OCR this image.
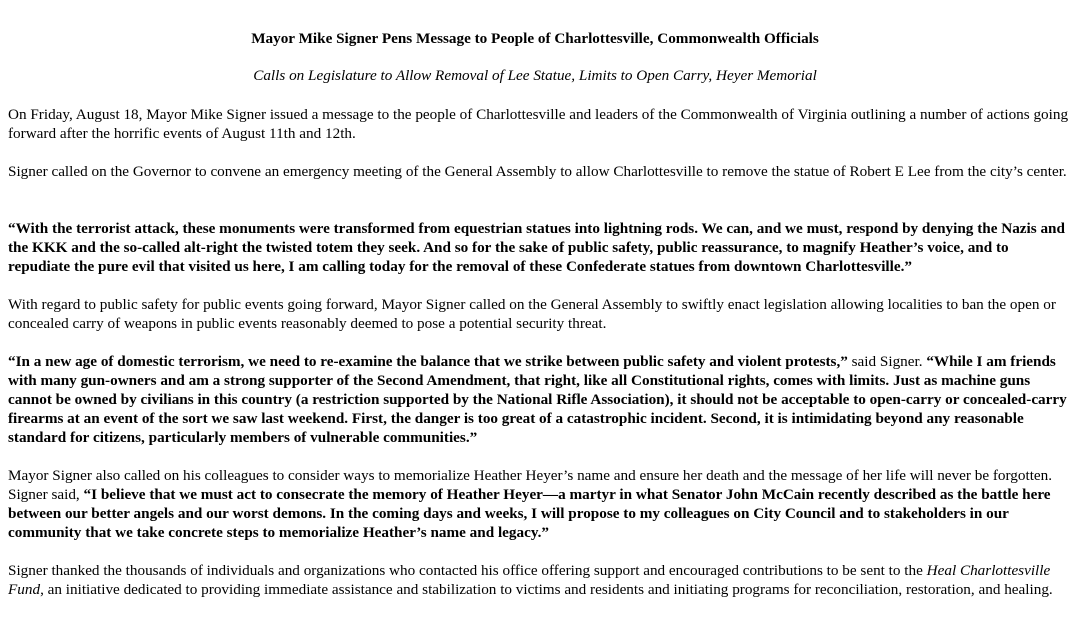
Mayor Mike Signer Pens Message to People of Charlottesville, Commonwealth Officials
Calls on Legislature to Allow Removal of Lee Statue, Limits to Open Carry, Heyer Memorial

On Friday, August 18, Mayor Mike Signer issued a message to the people of Charlottesville and leaders of the Commonwealth of Virginia outlining a number of actions going forward after the horrific events of August 11th and 12th.

Signer called on the Governor to convene an emergency meeting of the General Assembly to allow Charlottesville to remove the statue of Robert E Lee from the city’s center.

“With the terrorist attack, these monuments were transformed from equestrian statues into lightning rods. We can, and we must, respond by denying the Nazis and the KKK and the so-called alt-right the twisted totem they seek. And so for the sake of public safety, public reassurance, to magnify Heather’s voice, and to repudiate the pure evil that visited us here, I am calling today for the removal of these Confederate statues from downtown Charlottesville.”

With regard to public safety for public events going forward, Mayor Signer called on the General Assembly to swiftly enact legislation allowing localities to ban the open or concealed carry of weapons in public events reasonably deemed to pose a potential security threat.

“In a new age of domestic terrorism, we need to re-examine the balance that we strike between public safety and violent protests,” said Signer. “While I am friends with many gun-owners and am a strong supporter of the Second Amendment, that right, like all Constitutional rights, comes with limits. Just as machine guns cannot be owned by civilians in this country (a restriction supported by the National Rifle Association), it should not be acceptable to open-carry or concealed-carry firearms at an event of the sort we saw last weekend. First, the danger is too great of a catastrophic incident. Second, it is intimidating beyond any reasonable standard for citizens, particularly members of vulnerable communities.”

Mayor Signer also called on his colleagues to consider ways to memorialize Heather Heyer’s name and ensure her death and the message of her life will never be forgotten. Signer said, “I believe that we must act to consecrate the memory of Heather Heyer—a martyr in what Senator John McCain recently described as the battle here between our better angels and our worst demons. In the coming days and weeks, I will propose to my colleagues on City Council and to stakeholders in our community that we take concrete steps to memorialize Heather’s name and legacy.”

Signer thanked the thousands of individuals and organizations who contacted his office offering support and encouraged contributions to be sent to the Heal Charlottesville Fund, an initiative dedicated to providing immediate assistance and stabilization to victims and residents and initiating programs for reconciliation, restoration, and healing.
